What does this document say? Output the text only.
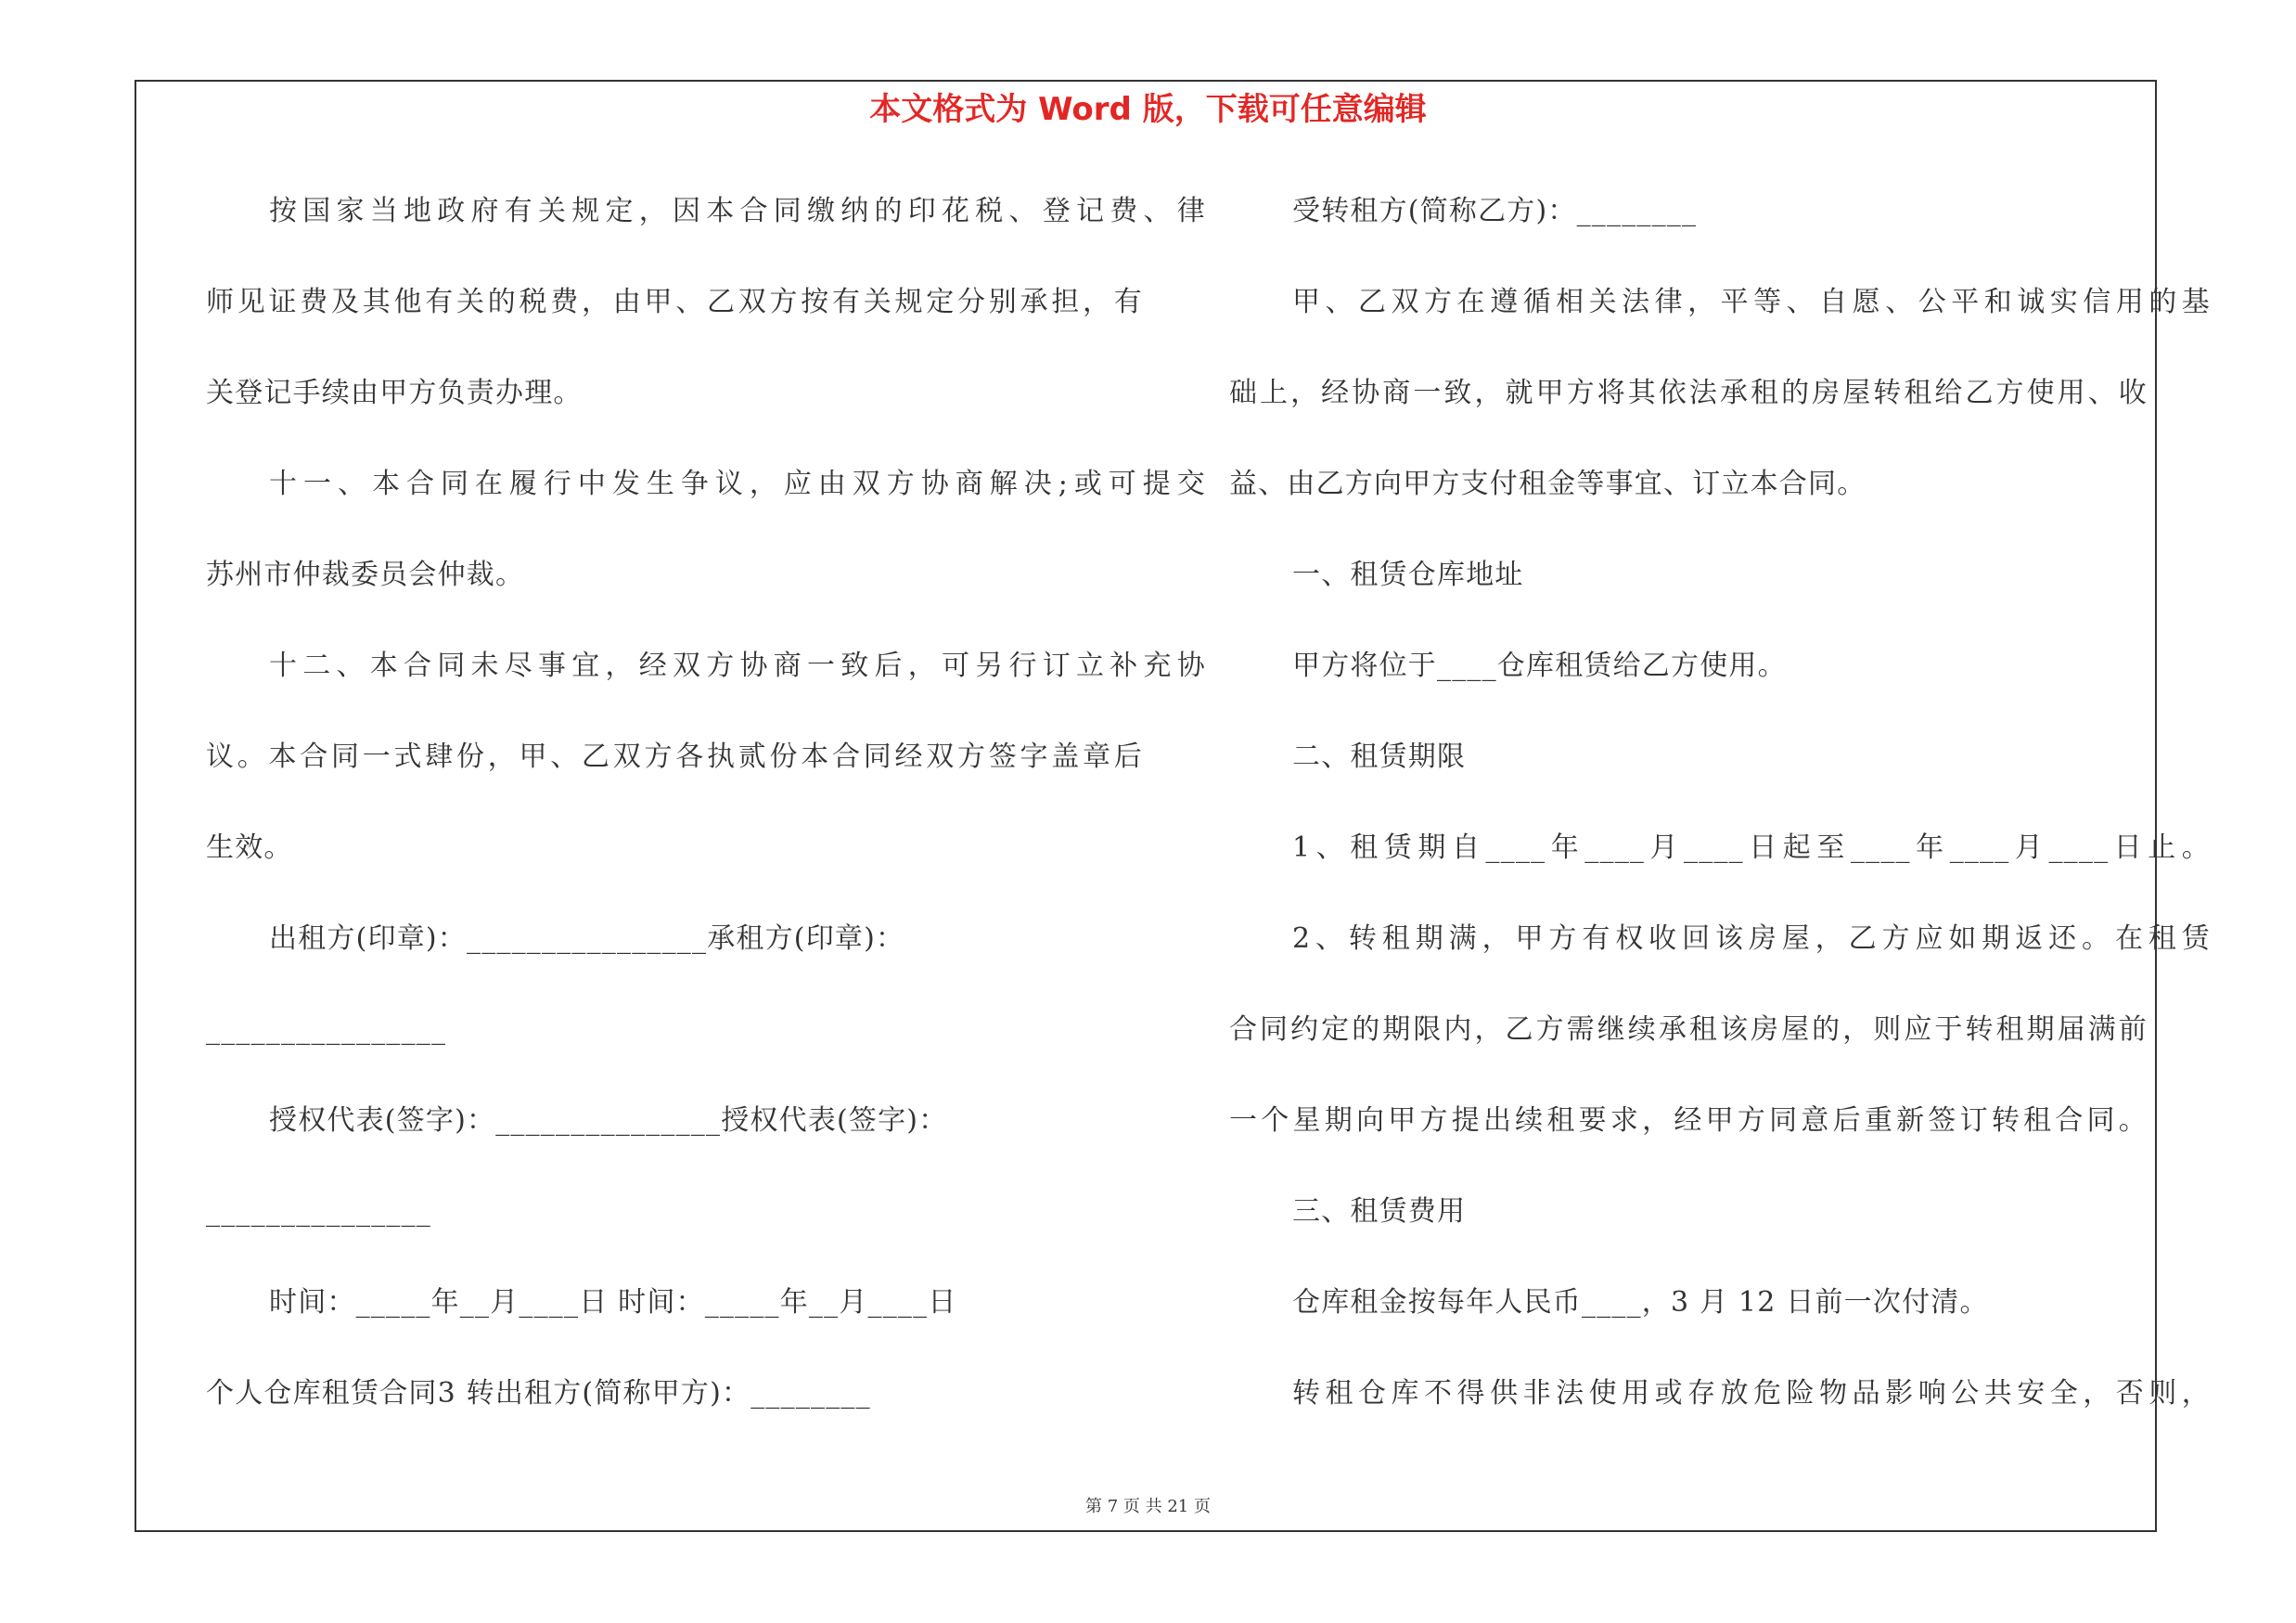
本文格式为 Word 版，下载可任意编辑
按国家当地政府有关规定，因本合同缴纳的印花税、登记费、律
师见证费及其他有关的税费，由甲、乙双方按有关规定分别承担，有
关登记手续由甲方负责办理。
十一、本合同在履行中发生争议，应由双方协商解决;或可提交
苏州市仲裁委员会仲裁。
十二、本合同未尽事宜，经双方协商一致后，可另行订立补充协
议。本合同一式肆份，甲、乙双方各执贰份本合同经双方签字盖章后
生效。
出租方(印章)：________________承租方(印章)：
________________
授权代表(签字)：_______________授权代表(签字)：
_______________
时间：_____年__月____日 时间：_____年__月____日
个人仓库租赁合同3 转出租方(简称甲方)：________
受转租方(简称乙方)：________
甲、乙双方在遵循相关法律，平等、自愿、公平和诚实信用的基
础上，经协商一致，就甲方将其依法承租的房屋转租给乙方使用、收
益、由乙方向甲方支付租金等事宜、订立本合同。
一、租赁仓库地址
甲方将位于____仓库租赁给乙方使用。
二、租赁期限
1、租赁期自____年____月____日起至____年____月____日止。
2、转租期满，甲方有权收回该房屋，乙方应如期返还。在租赁
合同约定的期限内，乙方需继续承租该房屋的，则应于转租期届满前
一个星期向甲方提出续租要求，经甲方同意后重新签订转租合同。
三、租赁费用
仓库租金按每年人民币____，3 月 12 日前一次付清。
转租仓库不得供非法使用或存放危险物品影响公共安全，否则，
第 7 页 共 21 页
